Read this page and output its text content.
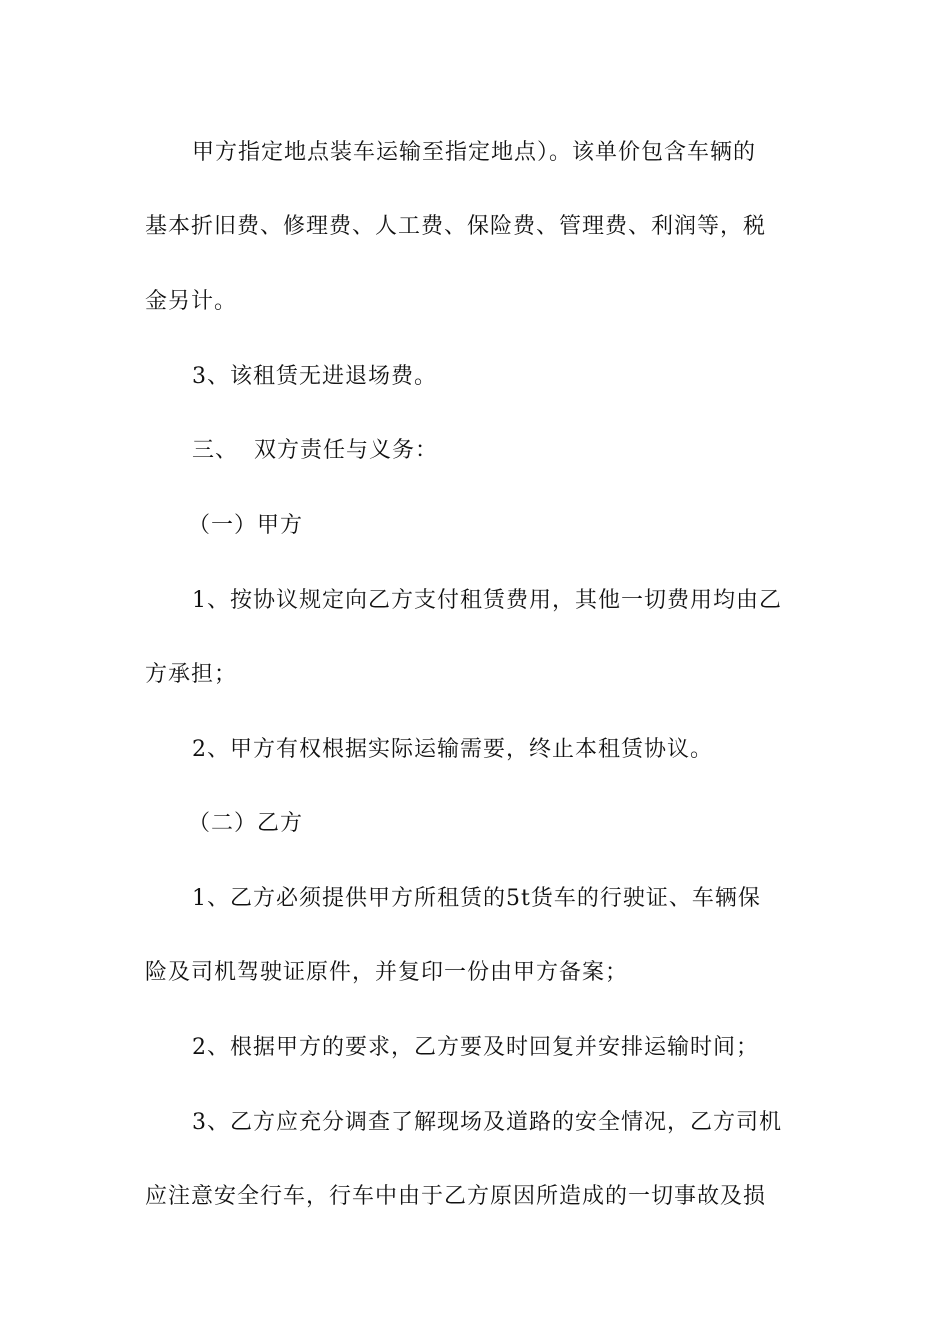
甲方指定地点装车运输至指定地点）。该单价包含车辆的
基本折旧费、修理费、人工费、保险费、管理费、利润等，税
金另计。
3、该租赁无进退场费。
三、  双方责任与义务：
（一）甲方
1、按协议规定向乙方支付租赁费用，其他一切费用均由乙
方承担；
2、甲方有权根据实际运输需要，终止本租赁协议。
（二）乙方
1、乙方必须提供甲方所租赁的5t货车的行驶证、车辆保
险及司机驾驶证原件，并复印一份由甲方备案；
2、根据甲方的要求，乙方要及时回复并安排运输时间；
3、乙方应充分调查了解现场及道路的安全情况，乙方司机
应注意安全行车，行车中由于乙方原因所造成的一切事故及损
